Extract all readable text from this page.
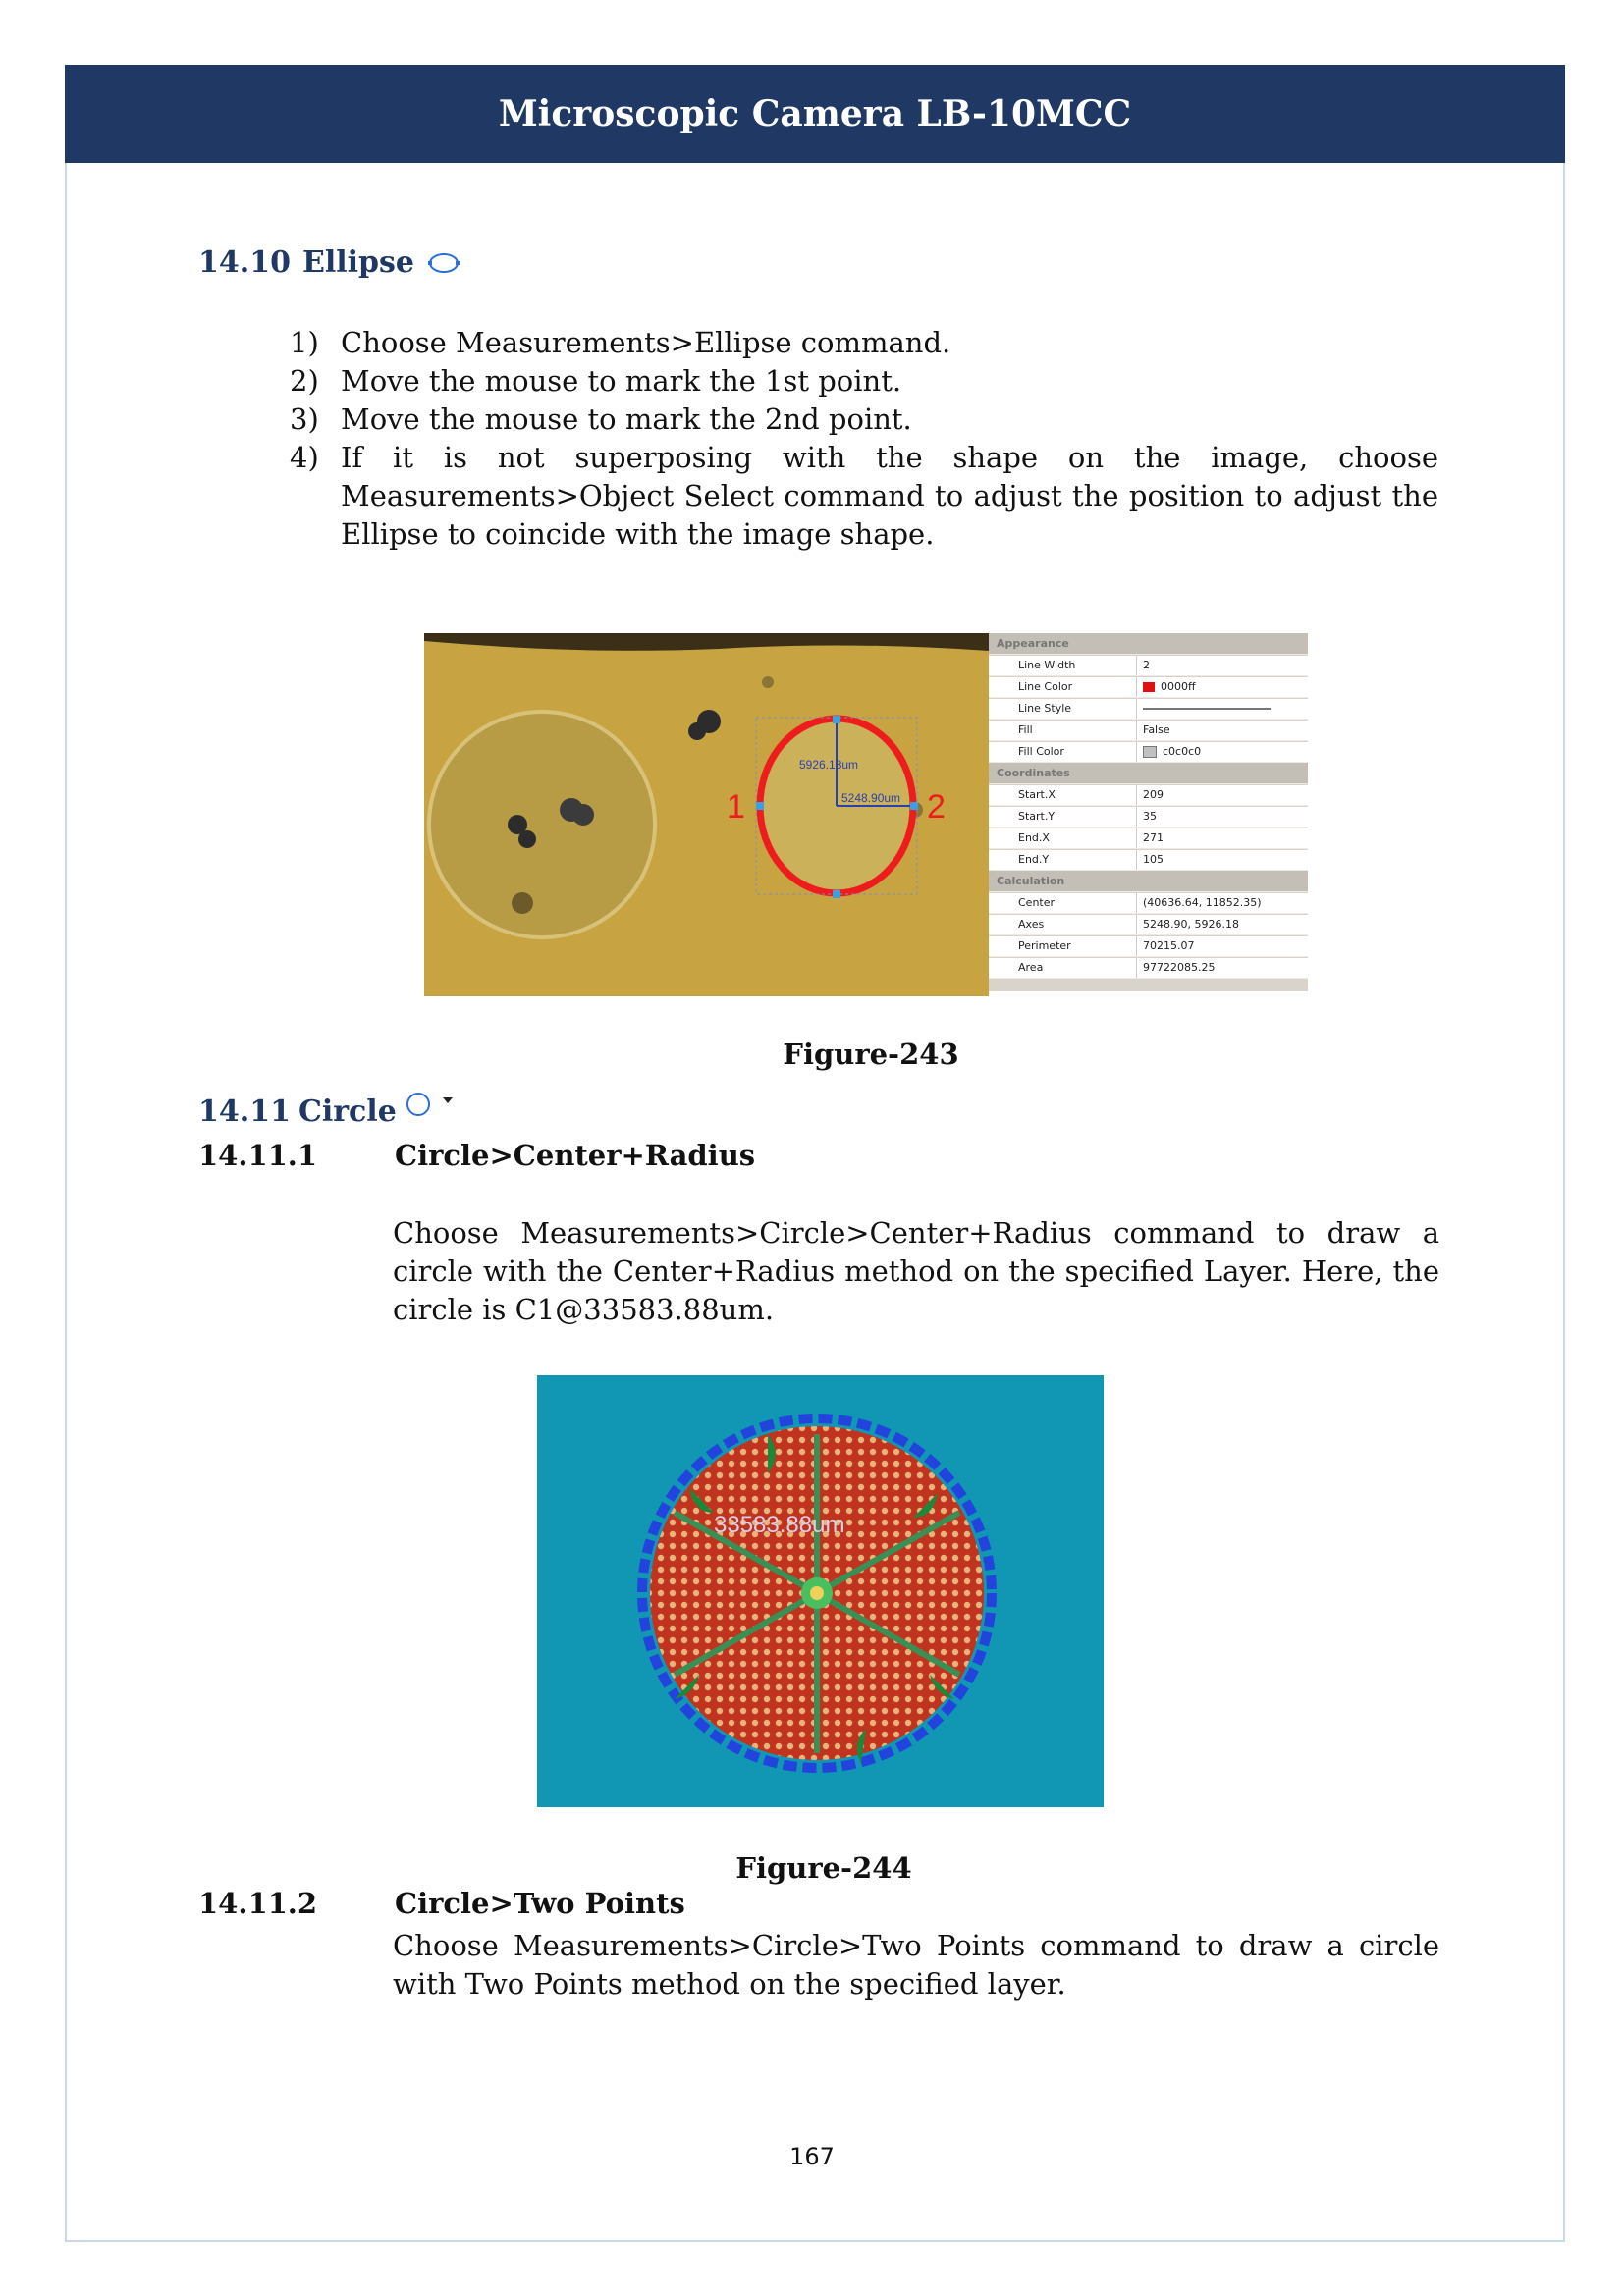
Microscopic Camera LB-10MCC
14.10 Ellipse
1) Choose Measurements>Ellipse command.
2) Move the mouse to mark the 1st point.
3) Move the mouse to mark the 2nd point.
4) If it is not superposing with the shape on the image, choose Measurements>Object Select command to adjust the position to adjust the Ellipse to coincide with the image shape.
1	2
5926.18um
5248.90um
Appearance
Line Width	2
Line Color	0000ff
Line Style
Fill	False
Fill Color	c0c0c0
Coordinates
Start.X	209
Start.Y	35
End.X	271
End.Y	105
Calculation
Center	(40636.64, 11852.35)
Axes	5248.90, 5926.18
Perimeter	70215.07
Area	97722085.25
Figure-243
14.11 Circle
14.11.1	Circle>Center+Radius
Choose Measurements>Circle>Center+Radius command to draw a circle with the Center+Radius method on the specified Layer. Here, the circle is C1@33583.88um.
33583.88um
Figure-244
14.11.2	Circle>Two Points
Choose Measurements>Circle>Two Points command to draw a circle with Two Points method on the specified layer.
167
